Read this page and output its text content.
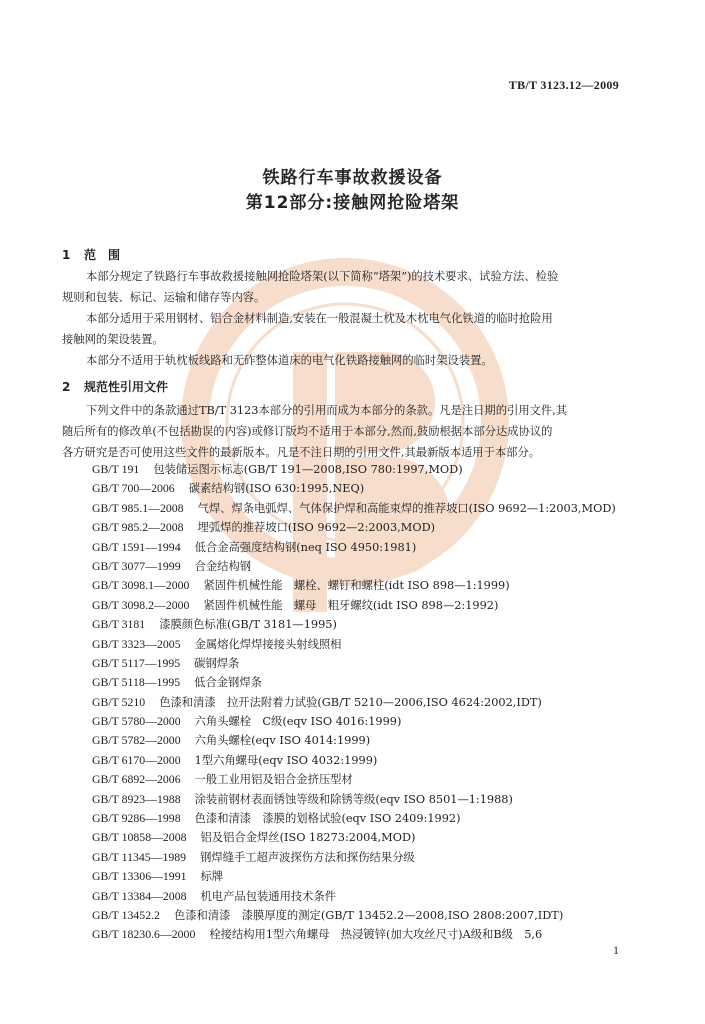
TB/T 3123.12—2009
铁路行车事故救援设备
第12部分:接触网抢险塔架
1 范　围
本部分规定了铁路行车事故救援接触网抢险塔架(以下简称“塔架”)的技术要求、试验方法、检验
规则和包装、标记、运输和储存等内容。
本部分适用于采用钢材、铝合金材料制造,安装在一般混凝土枕及木枕电气化铁道的临时抢险用
接触网的架设装置。
本部分不适用于轨枕板线路和无砟整体道床的电气化铁路接触网的临时架设装置。
2 规范性引用文件
下列文件中的条款通过TB/T 3123本部分的引用而成为本部分的条款。凡是注日期的引用文件,其
随后所有的修改单(不包括勘误的内容)或修订版均不适用于本部分,然而,鼓励根据本部分达成协议的
各方研究是否可使用这些文件的最新版本。凡是不注日期的引用文件,其最新版本适用于本部分。
GB/T 191 包装储运图示标志(GB/T 191—2008,ISO 780:1997,MOD)
GB/T 700—2006 碳素结构钢(ISO 630:1995,NEQ)
GB/T 985.1—2008 气焊、焊条电弧焊、气体保护焊和高能束焊的推荐坡口(ISO 9692—1:2003,MOD)
GB/T 985.2—2008 埋弧焊的推荐坡口(ISO 9692—2:2003,MOD)
GB/T 1591—1994 低合金高强度结构钢(neq ISO 4950:1981)
GB/T 3077—1999 合金结构钢
GB/T 3098.1—2000 紧固件机械性能　螺栓、螺钉和螺柱(idt ISO 898—1:1999)
GB/T 3098.2—2000 紧固件机械性能　螺母　粗牙螺纹(idt ISO 898—2:1992)
GB/T 3181 漆膜颜色标准(GB/T 3181—1995)
GB/T 3323—2005 金属熔化焊焊接接头射线照相
GB/T 5117—1995 碳钢焊条
GB/T 5118—1995 低合金钢焊条
GB/T 5210 色漆和清漆　拉开法附着力试验(GB/T 5210—2006,ISO 4624:2002,IDT)
GB/T 5780—2000 六角头螺栓　C级(eqv ISO 4016:1999)
GB/T 5782—2000 六角头螺栓(eqv ISO 4014:1999)
GB/T 6170—2000 1型六角螺母(eqv ISO 4032:1999)
GB/T 6892—2006 一般工业用铝及铝合金挤压型材
GB/T 8923—1988 涂装前钢材表面锈蚀等级和除锈等级(eqv ISO 8501—1:1988)
GB/T 9286—1998 色漆和清漆　漆膜的划格试验(eqv ISO 2409:1992)
GB/T 10858—2008 铝及铝合金焊丝(ISO 18273:2004,MOD)
GB/T 11345—1989 钢焊缝手工超声波探伤方法和探伤结果分级
GB/T 13306—1991 标牌
GB/T 13384—2008 机电产品包装通用技术条件
GB/T 13452.2 色漆和清漆　漆膜厚度的测定(GB/T 13452.2—2008,ISO 2808:2007,IDT)
GB/T 18230.6—2000 栓接结构用1型六角螺母　热浸镀锌(加大攻丝尺寸)A级和B级　5,6
1
